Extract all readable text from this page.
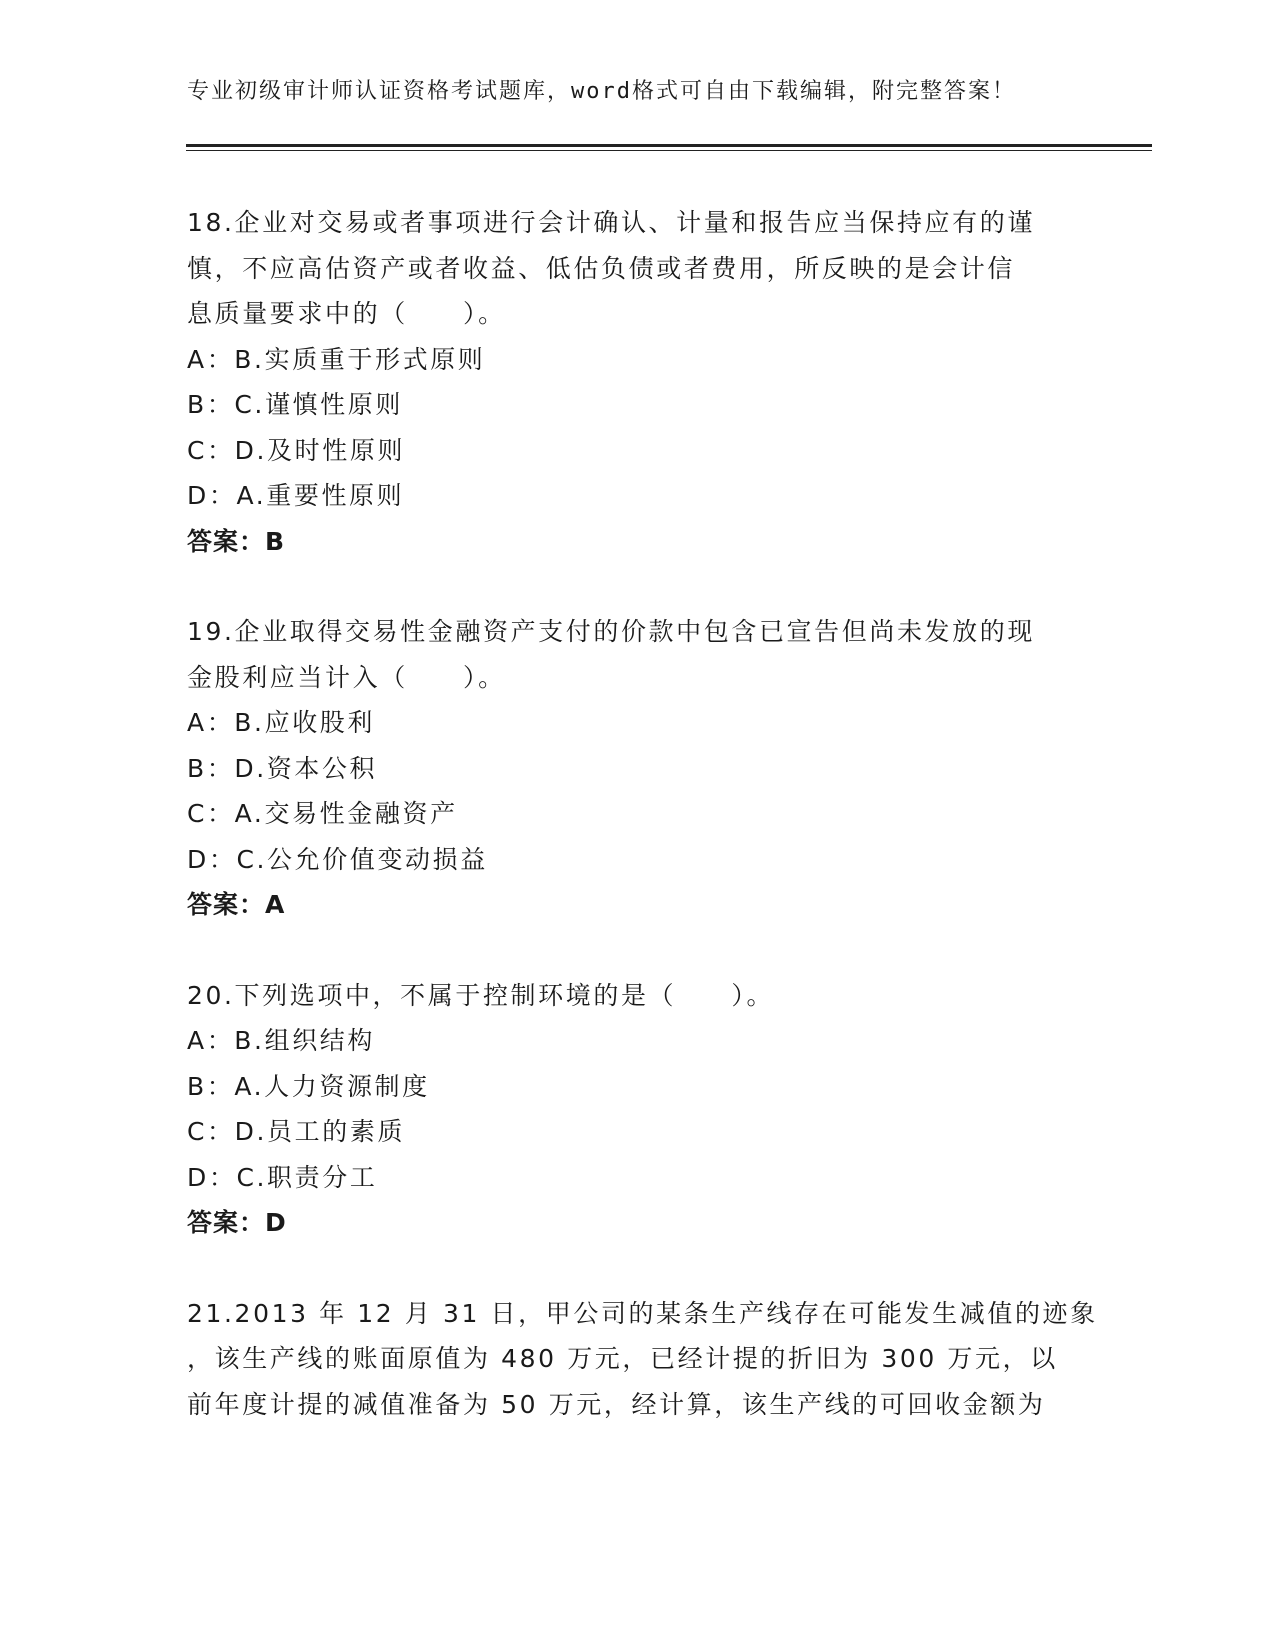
专业初级审计师认证资格考试题库，word格式可自由下载编辑，附完整答案！

18.企业对交易或者事项进行会计确认、计量和报告应当保持应有的谨

慎，不应高估资产或者收益、低估负债或者费用，所反映的是会计信

息质量要求中的（　　）。

A：B.实质重于形式原则

B：C.谨慎性原则

C：D.及时性原则

D：A.重要性原则

答案：B

19.企业取得交易性金融资产支付的价款中包含已宣告但尚未发放的现

金股利应当计入（　　）。

A：B.应收股利

B：D.资本公积

C：A.交易性金融资产

D：C.公允价值变动损益

答案：A

20.下列选项中，不属于控制环境的是（　　）。

A：B.组织结构

B：A.人力资源制度

C：D.员工的素质

D：C.职责分工

答案：D

21.2013 年 12 月 31 日，甲公司的某条生产线存在可能发生减值的迹象

，该生产线的账面原值为 480 万元，已经计提的折旧为 300 万元，以

前年度计提的减值准备为 50 万元，经计算，该生产线的可回收金额为
